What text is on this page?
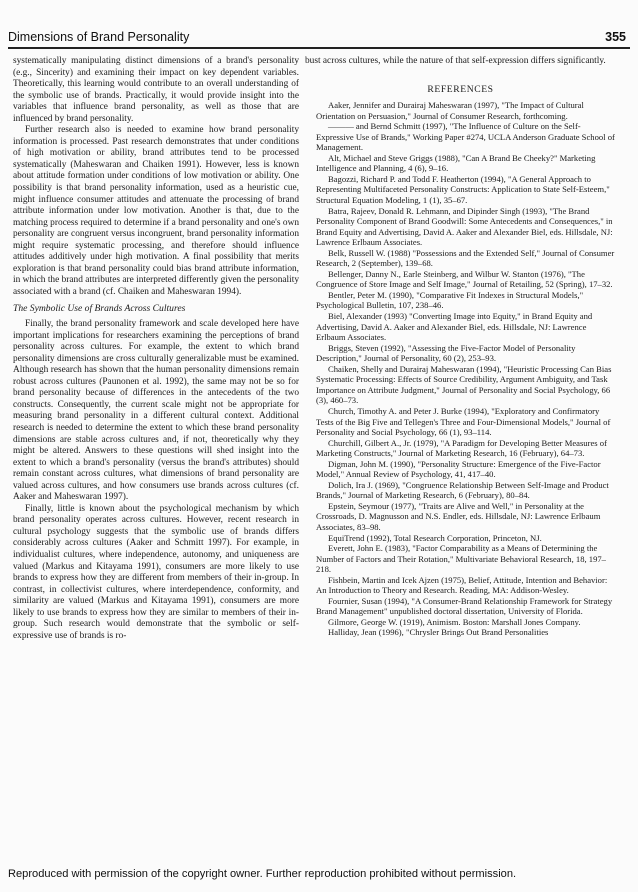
Dimensions of Brand Personality	355

systematically manipulating distinct dimensions of a brand's personality (e.g., Sincerity) and examining their impact on key dependent variables. Theoretically, this learning would contribute to an overall understanding of the symbolic use of brands. Practically, it would provide insight into the variables that influence brand personality, as well as those that are influenced by brand personality.

Further research also is needed to examine how brand personality information is processed. Past research demonstrates that under conditions of high motivation or ability, brand attributes tend to be processed systematically (Maheswaran and Chaiken 1991). However, less is known about attitude formation under conditions of low motivation or ability. One possibility is that brand personality information, used as a heuristic cue, might influence consumer attitudes and attenuate the processing of brand attribute information under low motivation. Another is that, due to the matching process required to determine if a brand personality and one's own personality are congruent versus incongruent, brand personality information might require systematic processing, and therefore should influence attitudes additively under high motivation. A final possibility that merits exploration is that brand personality could bias brand attribute information, in which the brand attributes are interpreted differently given the personality associated with a brand (cf. Chaiken and Maheswaran 1994).

The Symbolic Use of Brands Across Cultures

Finally, the brand personality framework and scale developed here have important implications for researchers examining the perceptions of brand personality across cultures. For example, the extent to which brand personality dimensions are cross culturally generalizable must be examined. Although research has shown that the human personality dimensions remain robust across cultures (Paunonen et al. 1992), the same may not be so for brand personality because of differences in the antecedents of the two constructs. Consequently, the current scale might not be appropriate for measuring brand personality in a different cultural context. Additional research is needed to determine the extent to which these brand personality dimensions are stable across cultures and, if not, theoretically why they might be altered. Answers to these questions will shed insight into the extent to which a brand's personality (versus the brand's attributes) should remain constant across cultures, what dimensions of brand personality are valued across cultures, and how consumers use brands across cultures (cf. Aaker and Maheswaran 1997).

Finally, little is known about the psychological mechanism by which brand personality operates across cultures. However, recent research in cultural psychology suggests that the symbolic use of brands differs considerably across cultures (Aaker and Schmitt 1997). For example, in individualist cultures, where independence, autonomy, and uniqueness are valued (Markus and Kitayama 1991), consumers are more likely to use brands to express how they are different from members of their in-group. In contrast, in collectivist cultures, where interdependence, conformity, and similarity are valued (Markus and Kitayama 1991), consumers are more likely to use brands to express how they are similar to members of their in-group. Such research would demonstrate that the symbolic or self-expressive use of brands is ro-

bust across cultures, while the nature of that self-expression differs significantly.

REFERENCES

Aaker, Jennifer and Durairaj Maheswaran (1997), "The Impact of Cultural Orientation on Persuasion," Journal of Consumer Research, forthcoming.

——— and Bernd Schmitt (1997), "The Influence of Culture on the Self-Expressive Use of Brands," Working Paper #274, UCLA Anderson Graduate School of Management.

Alt, Michael and Steve Griggs (1988), "Can A Brand Be Cheeky?" Marketing Intelligence and Planning, 4 (6), 9–16.

Bagozzi, Richard P. and Todd F. Heatherton (1994), "A General Approach to Representing Multifaceted Personality Constructs: Application to State Self-Esteem," Structural Equation Modeling, 1 (1), 35–67.

Batra, Rajeev, Donald R. Lehmann, and Dipinder Singh (1993), "The Brand Personality Component of Brand Goodwill: Some Antecedents and Consequences," in Brand Equity and Advertising, David A. Aaker and Alexander Biel, eds. Hillsdale, NJ: Lawrence Erlbaum Associates.

Belk, Russell W. (1988) "Possessions and the Extended Self," Journal of Consumer Research, 2 (September), 139–68.

Bellenger, Danny N., Earle Steinberg, and Wilbur W. Stanton (1976), "The Congruence of Store Image and Self Image," Journal of Retailing, 52 (Spring), 17–32.

Bentler, Peter M. (1990), "Comparative Fit Indexes in Structural Models," Psychological Bulletin, 107, 238–46.

Biel, Alexander (1993) "Converting Image into Equity," in Brand Equity and Advertising, David A. Aaker and Alexander Biel, eds. Hillsdale, NJ: Lawrence Erlbaum Associates.

Briggs, Steven (1992), "Assessing the Five-Factor Model of Personality Description," Journal of Personality, 60 (2), 253–93.

Chaiken, Shelly and Durairaj Maheswaran (1994), "Heuristic Processing Can Bias Systematic Processing: Effects of Source Credibility, Argument Ambiguity, and Task Importance on Attribute Judgment," Journal of Personality and Social Psychology, 66 (3), 460–73.

Church, Timothy A. and Peter J. Burke (1994), "Exploratory and Confirmatory Tests of the Big Five and Tellegen's Three and Four-Dimensional Models," Journal of Personality and Social Psychology, 66 (1), 93–114.

Churchill, Gilbert A., Jr. (1979), "A Paradigm for Developing Better Measures of Marketing Constructs," Journal of Marketing Research, 16 (February), 64–73.

Digman, John M. (1990), "Personality Structure: Emergence of the Five-Factor Model," Annual Review of Psychology, 41, 417–40.

Dolich, Ira J. (1969), "Congruence Relationship Between Self-Image and Product Brands," Journal of Marketing Research, 6 (February), 80–84.

Epstein, Seymour (1977), "Traits are Alive and Well," in Personality at the Crossroads, D. Magnusson and N.S. Endler, eds. Hillsdale, NJ: Lawrence Erlbaum Associates, 83–98.

EquiTrend (1992), Total Research Corporation, Princeton, NJ.

Everett, John E. (1983), "Factor Comparability as a Means of Determining the Number of Factors and Their Rotation," Multivariate Behavioral Research, 18, 197–218.

Fishbein, Martin and Icek Ajzen (1975), Belief, Attitude, Intention and Behavior: An Introduction to Theory and Research. Reading, MA: Addison-Wesley.

Fournier, Susan (1994), "A Consumer-Brand Relationship Framework for Strategy Brand Management" unpublished doctoral dissertation, University of Florida.

Gilmore, George W. (1919), Animism. Boston: Marshall Jones Company.

Halliday, Jean (1996), "Chrysler Brings Out Brand Personalities

Reproduced with permission of the copyright owner. Further reproduction prohibited without permission.
